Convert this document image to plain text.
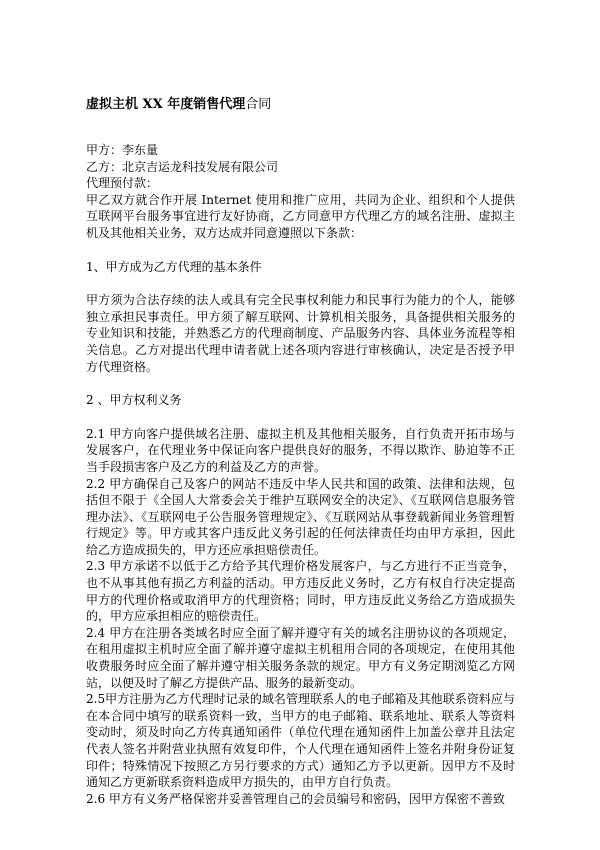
虚拟主机 XX 年度销售代理合同

甲方：李东量

乙方：北京吉运龙科技发展有限公司

代理预付款：

甲乙双方就合作开展 Internet 使用和推广应用，共同为企业、组织和个人提供互联网平台服务事宜进行友好协商，乙方同意甲方代理乙方的域名注册、虚拟主机及其他相关业务，双方达成并同意遵照以下条款：

1、甲方成为乙方代理的基本条件

甲方须为合法存续的法人或具有完全民事权利能力和民事行为能力的个人，能够独立承担民事责任。甲方须了解互联网、计算机相关服务，具备提供相关服务的专业知识和技能，并熟悉乙方的代理商制度、产品服务内容、具体业务流程等相关信息。乙方对提出代理申请者就上述各项内容进行审核确认，决定是否授予甲方代理资格。

2 、甲方权利义务

2.1 甲方向客户提供域名注册、虚拟主机及其他相关服务，自行负责开拓市场与发展客户，在代理业务中保证向客户提供良好的服务，不得以欺诈、胁迫等不正当手段损害客户及乙方的利益及乙方的声誉。

2.2 甲方确保自己及客户的网站不违反中华人民共和国的政策、法律和法规，包括但不限于《全国人大常委会关于维护互联网安全的决定》、《互联网信息服务管理办法》、《互联网电子公告服务管理规定》、《互联网站从事登载新闻业务管理暂行规定》等。甲方或其客户违反此义务引起的任何法律责任均由甲方承担，因此给乙方造成损失的，甲方还应承担赔偿责任。

2.3 甲方承诺不以低于乙方给予其代理价格发展客户，与乙方进行不正当竞争，也不从事其他有损乙方利益的活动。甲方违反此义务时，乙方有权自行决定提高甲方的代理价格或取消甲方的代理资格；同时，甲方违反此义务给乙方造成损失的，甲方应承担相应的赔偿责任。

2.4 甲方在注册各类域名时应全面了解并遵守有关的域名注册协议的各项规定，在租用虚拟主机时应全面了解并遵守虚拟主机租用合同的各项规定，在使用其他收费服务时应全面了解并遵守相关服务条款的规定。甲方有义务定期浏览乙方网站，以便及时了解乙方提供产品、服务的最新变动。

2.5甲方注册为乙方代理时记录的域名管理联系人的电子邮箱及其他联系资料应与在本合同中填写的联系资料一致，当甲方的电子邮箱、联系地址、联系人等资料变动时，须及时向乙方传真通知函件（单位代理在通知函件上加盖公章并且法定代表人签名并附营业执照有效复印件，个人代理在通知函件上签名并附身份证复印件；特殊情况下按照乙方另行要求的方式）通知乙方予以更新。因甲方不及时通知乙方更新联系资料造成甲方损失的，由甲方自行负责。

2.6 甲方有义务严格保密并妥善管理自己的会员编号和密码，因甲方保密不善致
